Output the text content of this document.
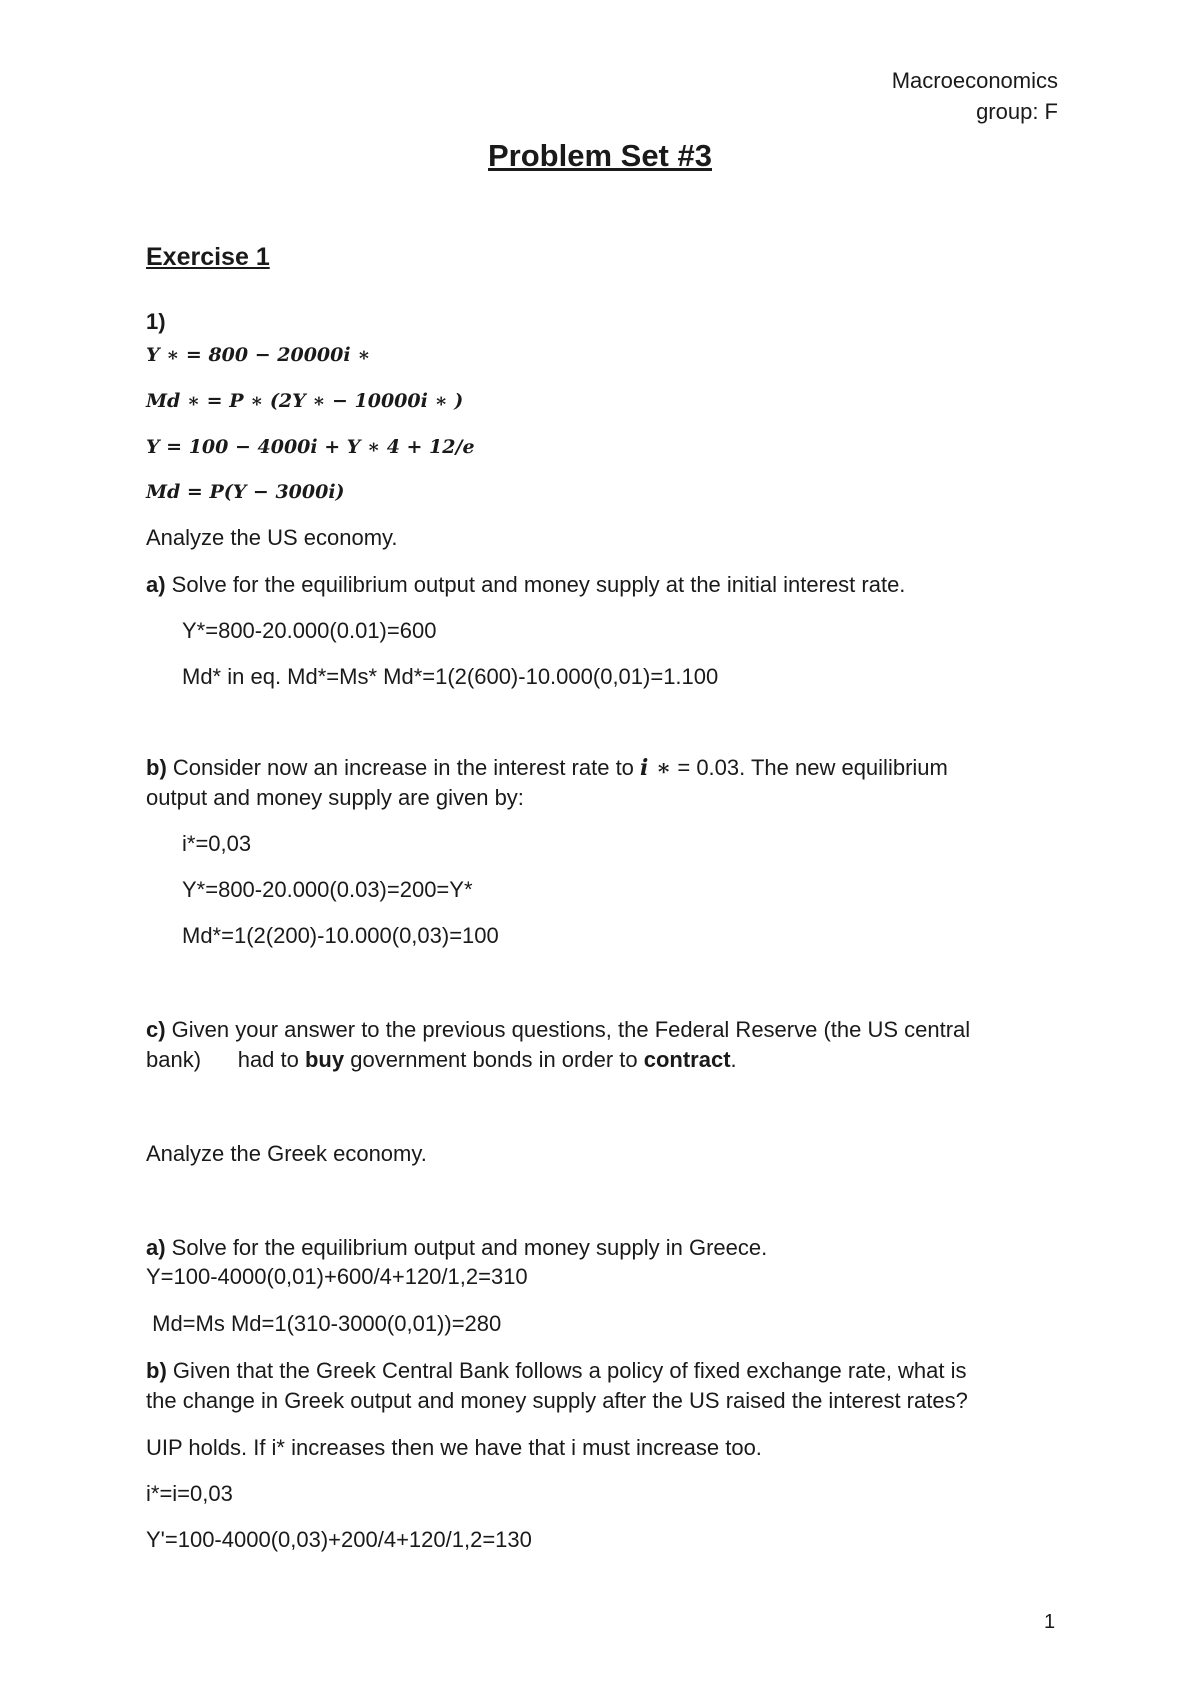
Macroeconomics
group: F
Problem Set #3
Exercise 1
1)
Y ∗ = 800 − 20000i ∗
Md ∗ = P ∗ (2Y ∗ − 10000i ∗ )
Y = 100 − 4000i + Y ∗ 4 + 12/e
Md = P(Y − 3000i)
Analyze the US economy.
a) Solve for the equilibrium output and money supply at the initial interest rate.
Y*=800-20.000(0.01)=600
Md* in eq. Md*=Ms* Md*=1(2(600)-10.000(0,01)=1.100
b) Consider now an increase in the interest rate to i ∗ = 0.03. The new equilibrium
output and money supply are given by:
i*=0,03
Y*=800-20.000(0.03)=200=Y*
Md*=1(2(200)-10.000(0,03)=100
c) Given your answer to the previous questions, the Federal Reserve (the US central
bank)      had to buy government bonds in order to contract.
Analyze the Greek economy.
a) Solve for the equilibrium output and money supply in Greece.
Y=100-4000(0,01)+600/4+120/1,2=310
Md=Ms Md=1(310-3000(0,01))=280
b) Given that the Greek Central Bank follows a policy of fixed exchange rate, what is
the change in Greek output and money supply after the US raised the interest rates?
UIP holds. If i* increases then we have that i must increase too.
i*=i=0,03
Y'=100-4000(0,03)+200/4+120/1,2=130
1
